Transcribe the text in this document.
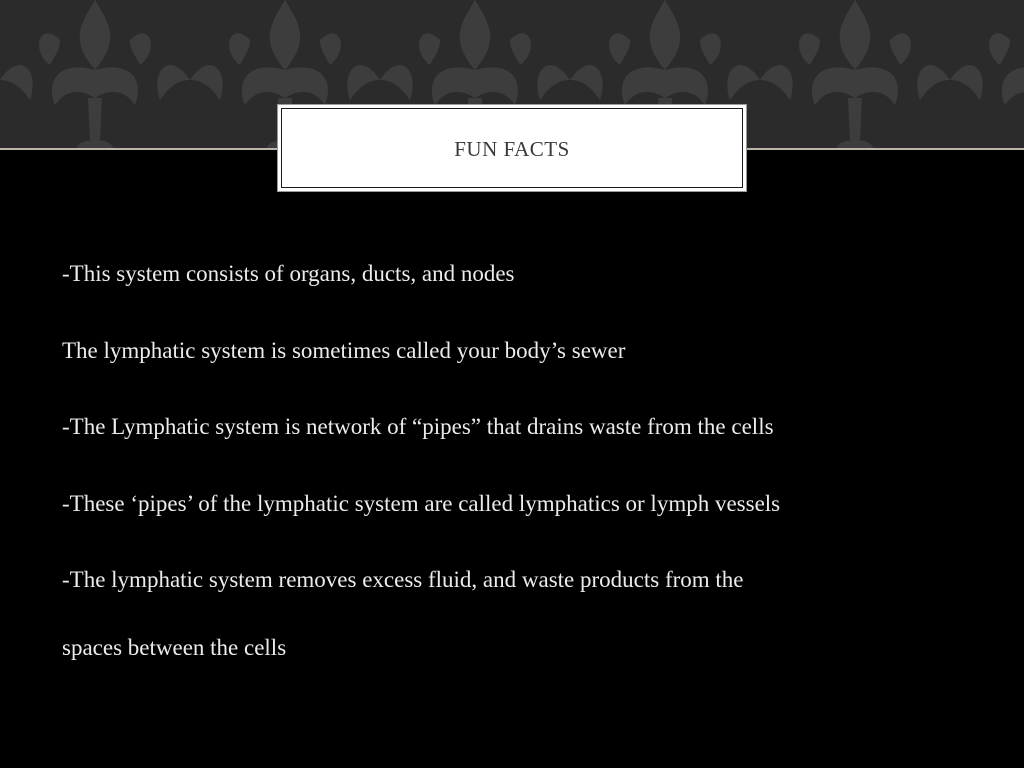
FUN FACTS
-This system consists of organs, ducts, and nodes
The lymphatic system is sometimes called your body’s sewer
-The Lymphatic system is network of “pipes” that drains waste from the cells
-These ‘pipes’ of the lymphatic system are called lymphatics or lymph vessels
-The lymphatic system removes excess fluid, and waste products from the
spaces between the cells
